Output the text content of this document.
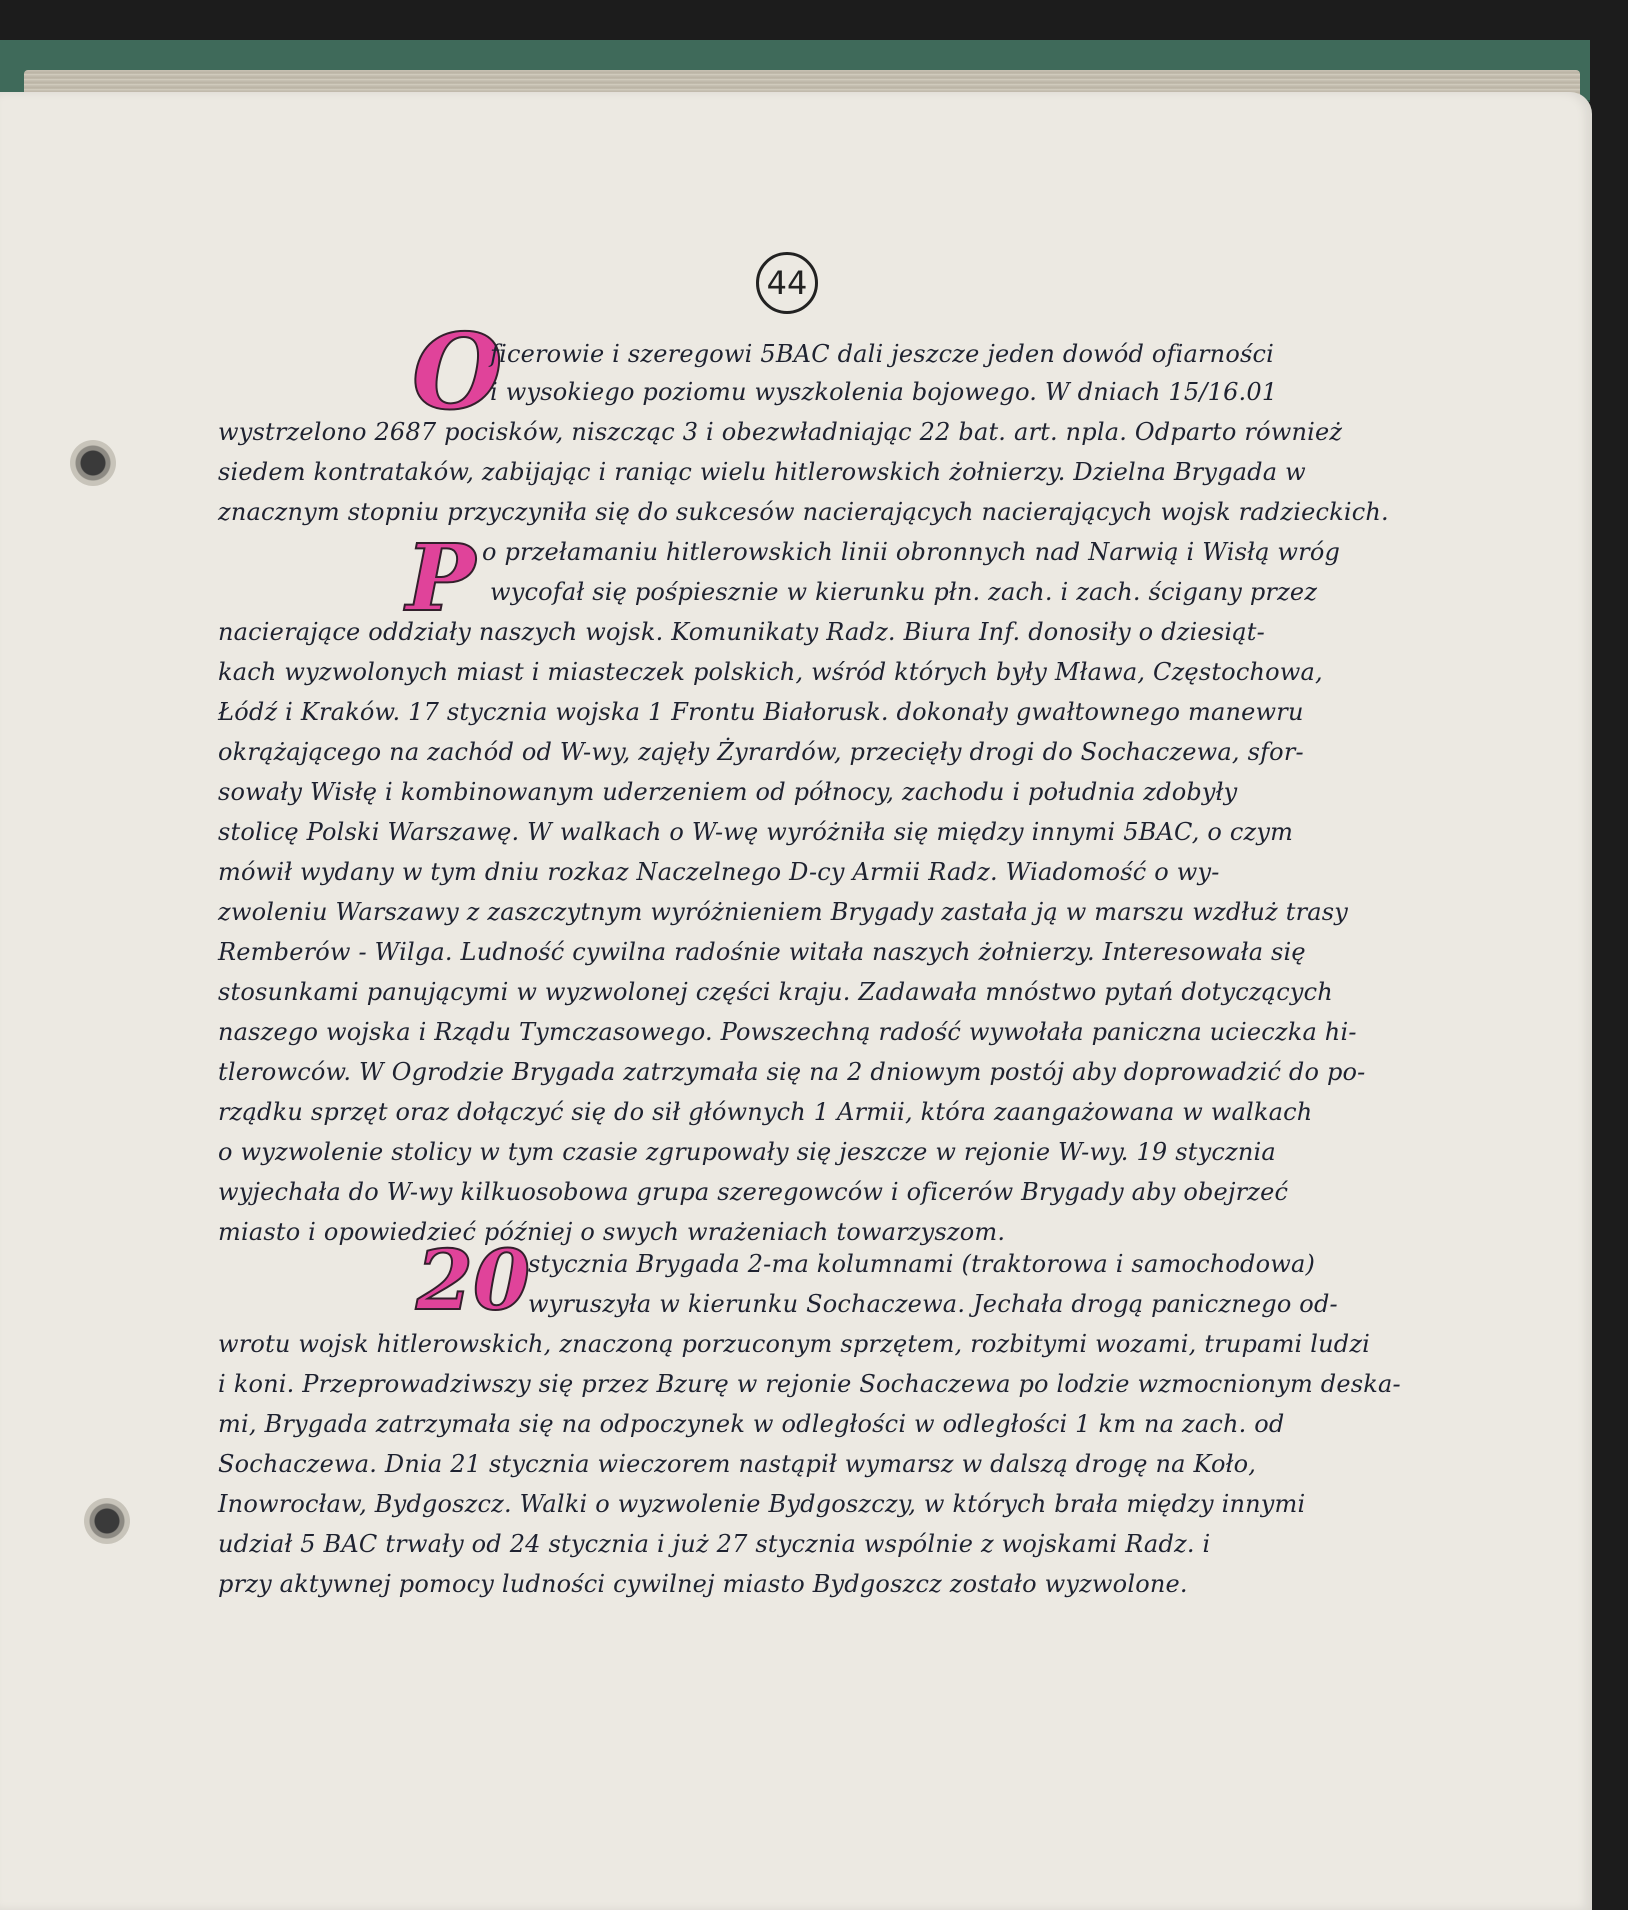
44
O
ficerowie i szeregowi 5BAC dali jeszcze jeden dowód ofiarności
i wysokiego poziomu wyszkolenia bojowego. W dniach 15/16.01
wystrzelono 2687 pocisków, niszcząc 3 i obezwładniając 22 bat. art. npla. Odparto również
siedem kontrataków, zabijając i raniąc wielu hitlerowskich żołnierzy. Dzielna Brygada w
znacznym stopniu przyczyniła się do sukcesów nacierających nacierających wojsk radzieckich.
P o przełamaniu hitlerowskich linii obronnych nad Narwią i Wisłą wróg
wycofał się pośpiesznie w kierunku płn. zach. i zach. ścigany przez
nacierające oddziały naszych wojsk. Komunikaty Radz. Biura Inf. donosiły o dziesiąt-
kach wyzwolonych miast i miasteczek polskich, wśród których były Mława, Częstochowa,
Łódź i Kraków. 17 stycznia wojska 1 Frontu Białorusk. dokonały gwałtownego manewru
okrążającego na zachód od W-wy, zajęły Żyrardów, przecięły drogi do Sochaczewa, sfor-
sowały Wisłę i kombinowanym uderzeniem od północy, zachodu i południa zdobyły
stolicę Polski Warszawę. W walkach o W-wę wyróżniła się między innymi 5BAC, o czym
mówił wydany w tym dniu rozkaz Naczelnego D-cy Armii Radz. Wiadomość o wy-
zwoleniu Warszawy z zaszczytnym wyróżnieniem Brygady zastała ją w marszu wzdłuż trasy
Remberów - Wilga. Ludność cywilna radośnie witała naszych żołnierzy. Interesowała się
stosunkami panującymi w wyzwolonej części kraju. Zadawała mnóstwo pytań dotyczących
naszego wojska i Rządu Tymczasowego. Powszechną radość wywołała paniczna ucieczka hi-
tlerowców. W Ogrodzie Brygada zatrzymała się na 2 dniowym postój aby doprowadzić do po-
rządku sprzęt oraz dołączyć się do sił głównych 1 Armii, która zaangażowana w walkach
o wyzwolenie stolicy w tym czasie zgrupowały się jeszcze w rejonie W-wy. 19 stycznia
wyjechała do W-wy kilkuosobowa grupa szeregowców i oficerów Brygady aby obejrzeć
miasto i opowiedzieć później o swych wrażeniach towarzyszom.
20
stycznia Brygada 2-ma kolumnami (traktorowa i samochodowa)
wyruszyła w kierunku Sochaczewa. Jechała drogą panicznego od-
wrotu wojsk hitlerowskich, znaczoną porzuconym sprzętem, rozbitymi wozami, trupami ludzi
i koni. Przeprowadziwszy się przez Bzurę w rejonie Sochaczewa po lodzie wzmocnionym deska-
mi, Brygada zatrzymała się na odpoczynek w odległości w odległości 1 km na zach. od
Sochaczewa. Dnia 21 stycznia wieczorem nastąpił wymarsz w dalszą drogę na Koło,
Inowrocław, Bydgoszcz. Walki o wyzwolenie Bydgoszczy, w których brała między innymi
udział 5 BAC trwały od 24 stycznia i już 27 stycznia wspólnie z wojskami Radz. i
przy aktywnej pomocy ludności cywilnej miasto Bydgoszcz zostało wyzwolone.
